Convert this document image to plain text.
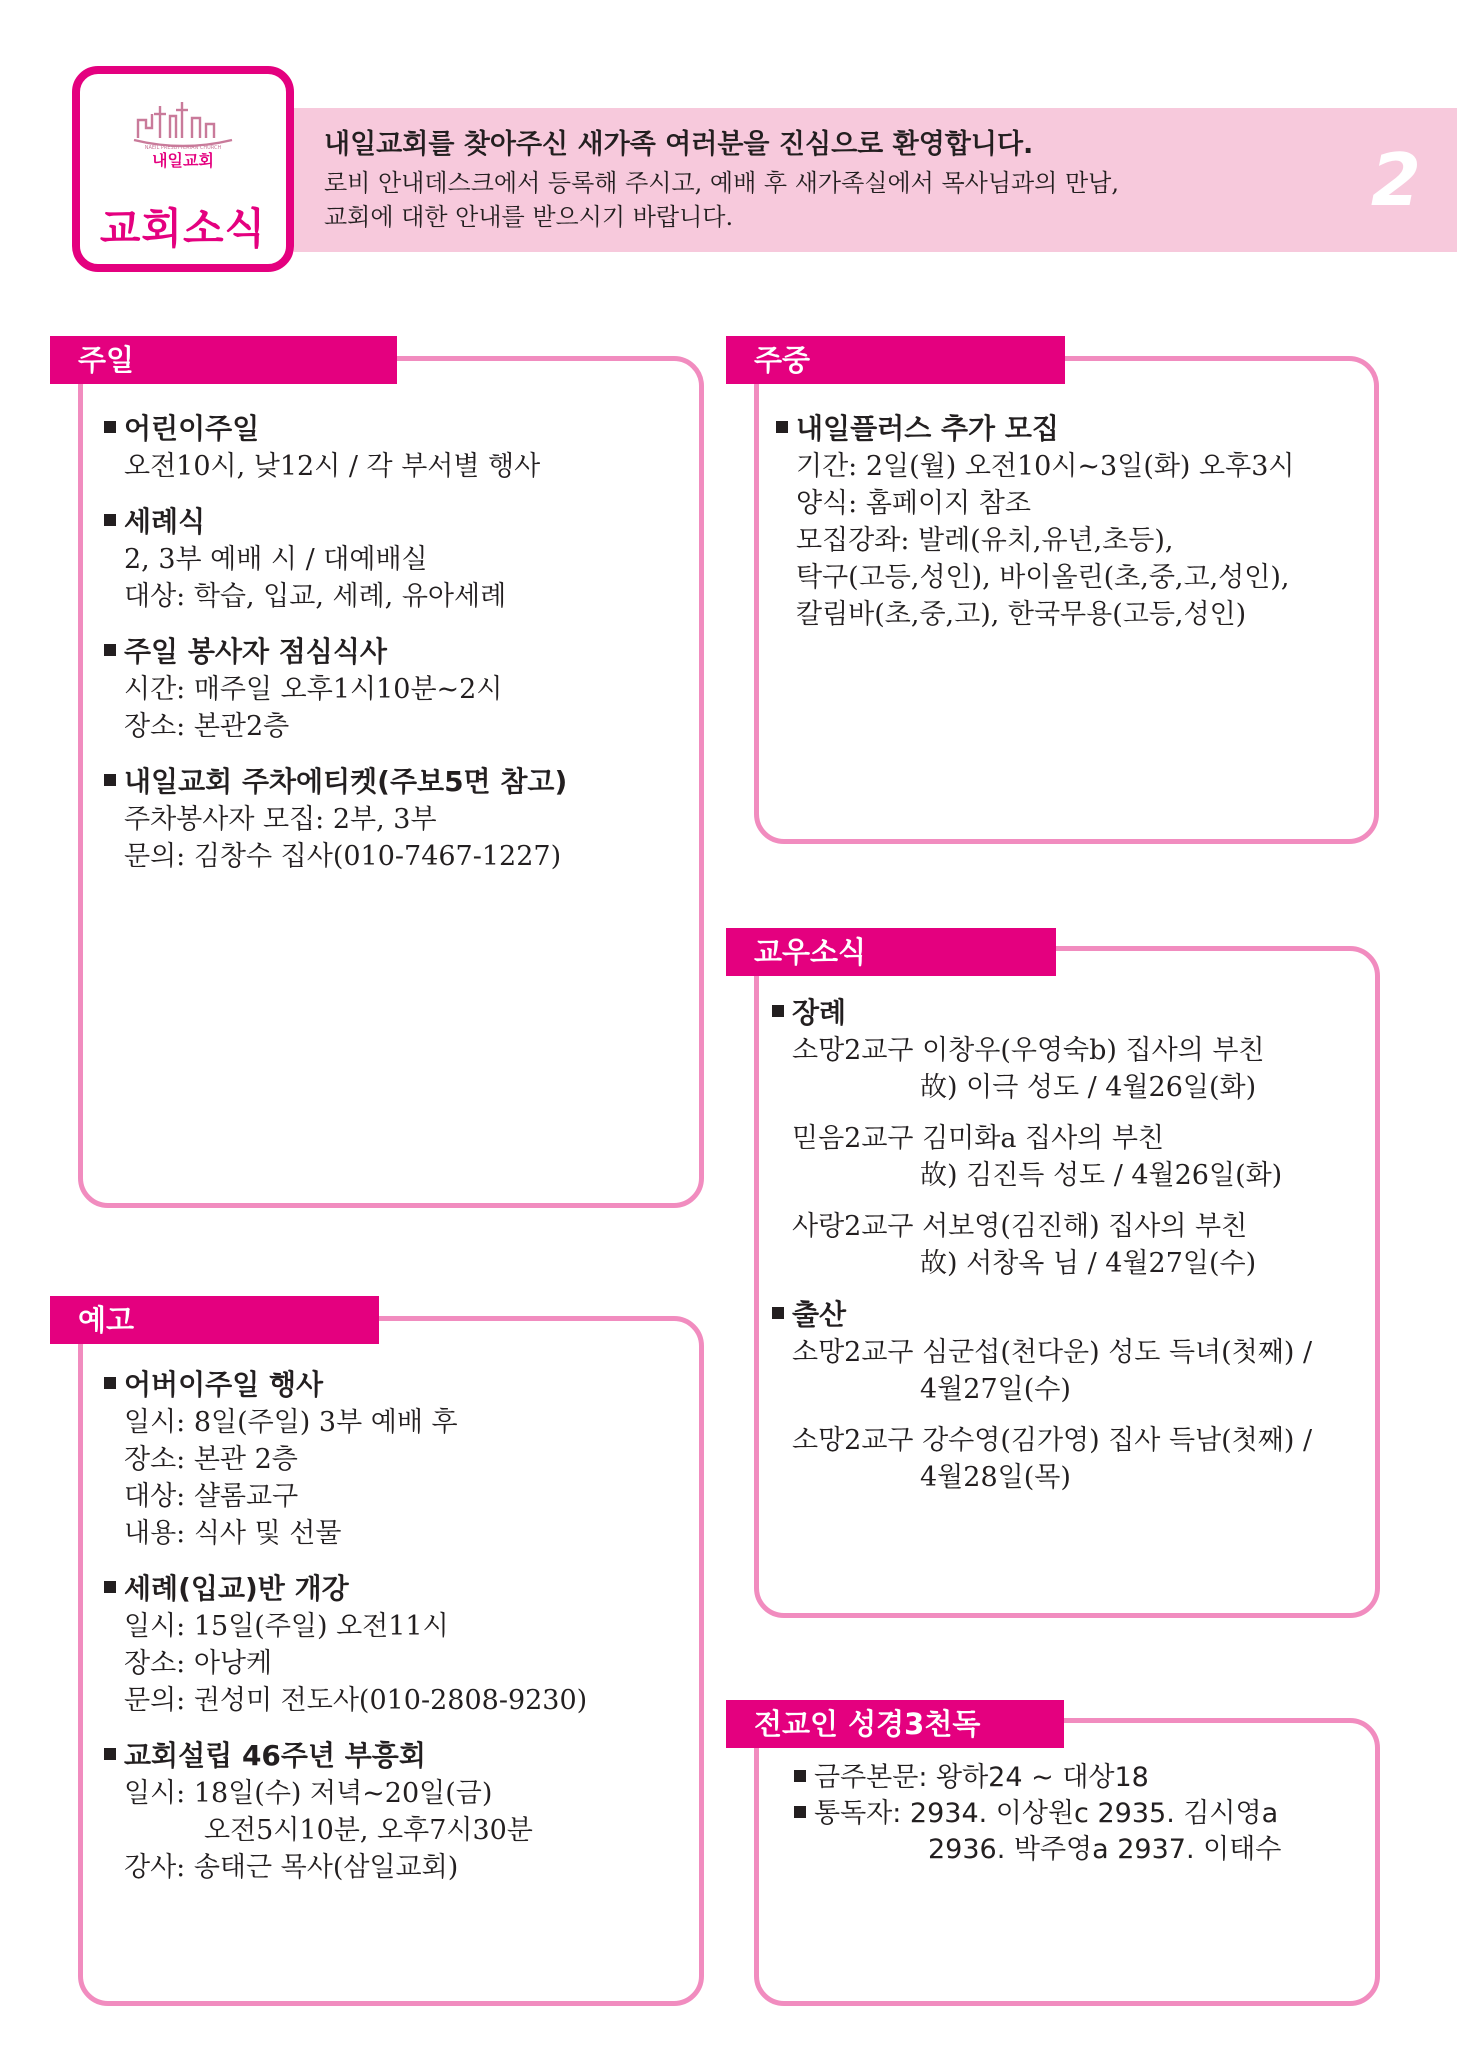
NAEIL PRESBYTERIAN CHURCH
내일교회
교회소식
내일교회를 찾아주신 새가족 여러분을 진심으로 환영합니다.
로비 안내데스크에서 등록해 주시고, 예배 후 새가족실에서 목사님과의 만남,
교회에 대한 안내를 받으시기 바랍니다.	2
주일
어린이주일
오전10시, 낮12시 / 각 부서별 행사
세례식
2, 3부 예배 시 / 대예배실
대상: 학습, 입교, 세례, 유아세례
주일 봉사자 점심식사
시간: 매주일 오후1시10분~2시
장소: 본관2층
내일교회 주차에티켓(주보5면 참고)
주차봉사자 모집: 2부, 3부
문의: 김창수 집사(010-7467-1227)
주중
내일플러스 추가 모집
기간: 2일(월) 오전10시~3일(화) 오후3시
양식: 홈페이지 참조
모집강좌: 발레(유치,유년,초등),
탁구(고등,성인), 바이올린(초,중,고,성인),
칼림바(초,중,고), 한국무용(고등,성인)
교우소식
장례
소망2교구 이창우(우영숙b) 집사의 부친
故) 이극 성도 / 4월26일(화)
믿음2교구 김미화a 집사의 부친
故) 김진득 성도 / 4월26일(화)
사랑2교구 서보영(김진해) 집사의 부친
故) 서창옥 님 / 4월27일(수)
출산
소망2교구 심군섭(천다운) 성도 득녀(첫째) /
4월27일(수)
소망2교구 강수영(김가영) 집사 득남(첫째) /
4월28일(목)
예고
어버이주일 행사
일시: 8일(주일) 3부 예배 후
장소: 본관 2층
대상: 샬롬교구
내용: 식사 및 선물
세례(입교)반 개강
일시: 15일(주일) 오전11시
장소: 아낭케
문의: 권성미 전도사(010-2808-9230)
교회설립 46주년 부흥회
일시: 18일(수) 저녁~20일(금)
오전5시10분, 오후7시30분
강사: 송태근 목사(삼일교회)
전교인 성경3천독
금주본문: 왕하24 ~ 대상18
통독자: 2934. 이상원c 2935. 김시영a
2936. 박주영a 2937. 이태수
